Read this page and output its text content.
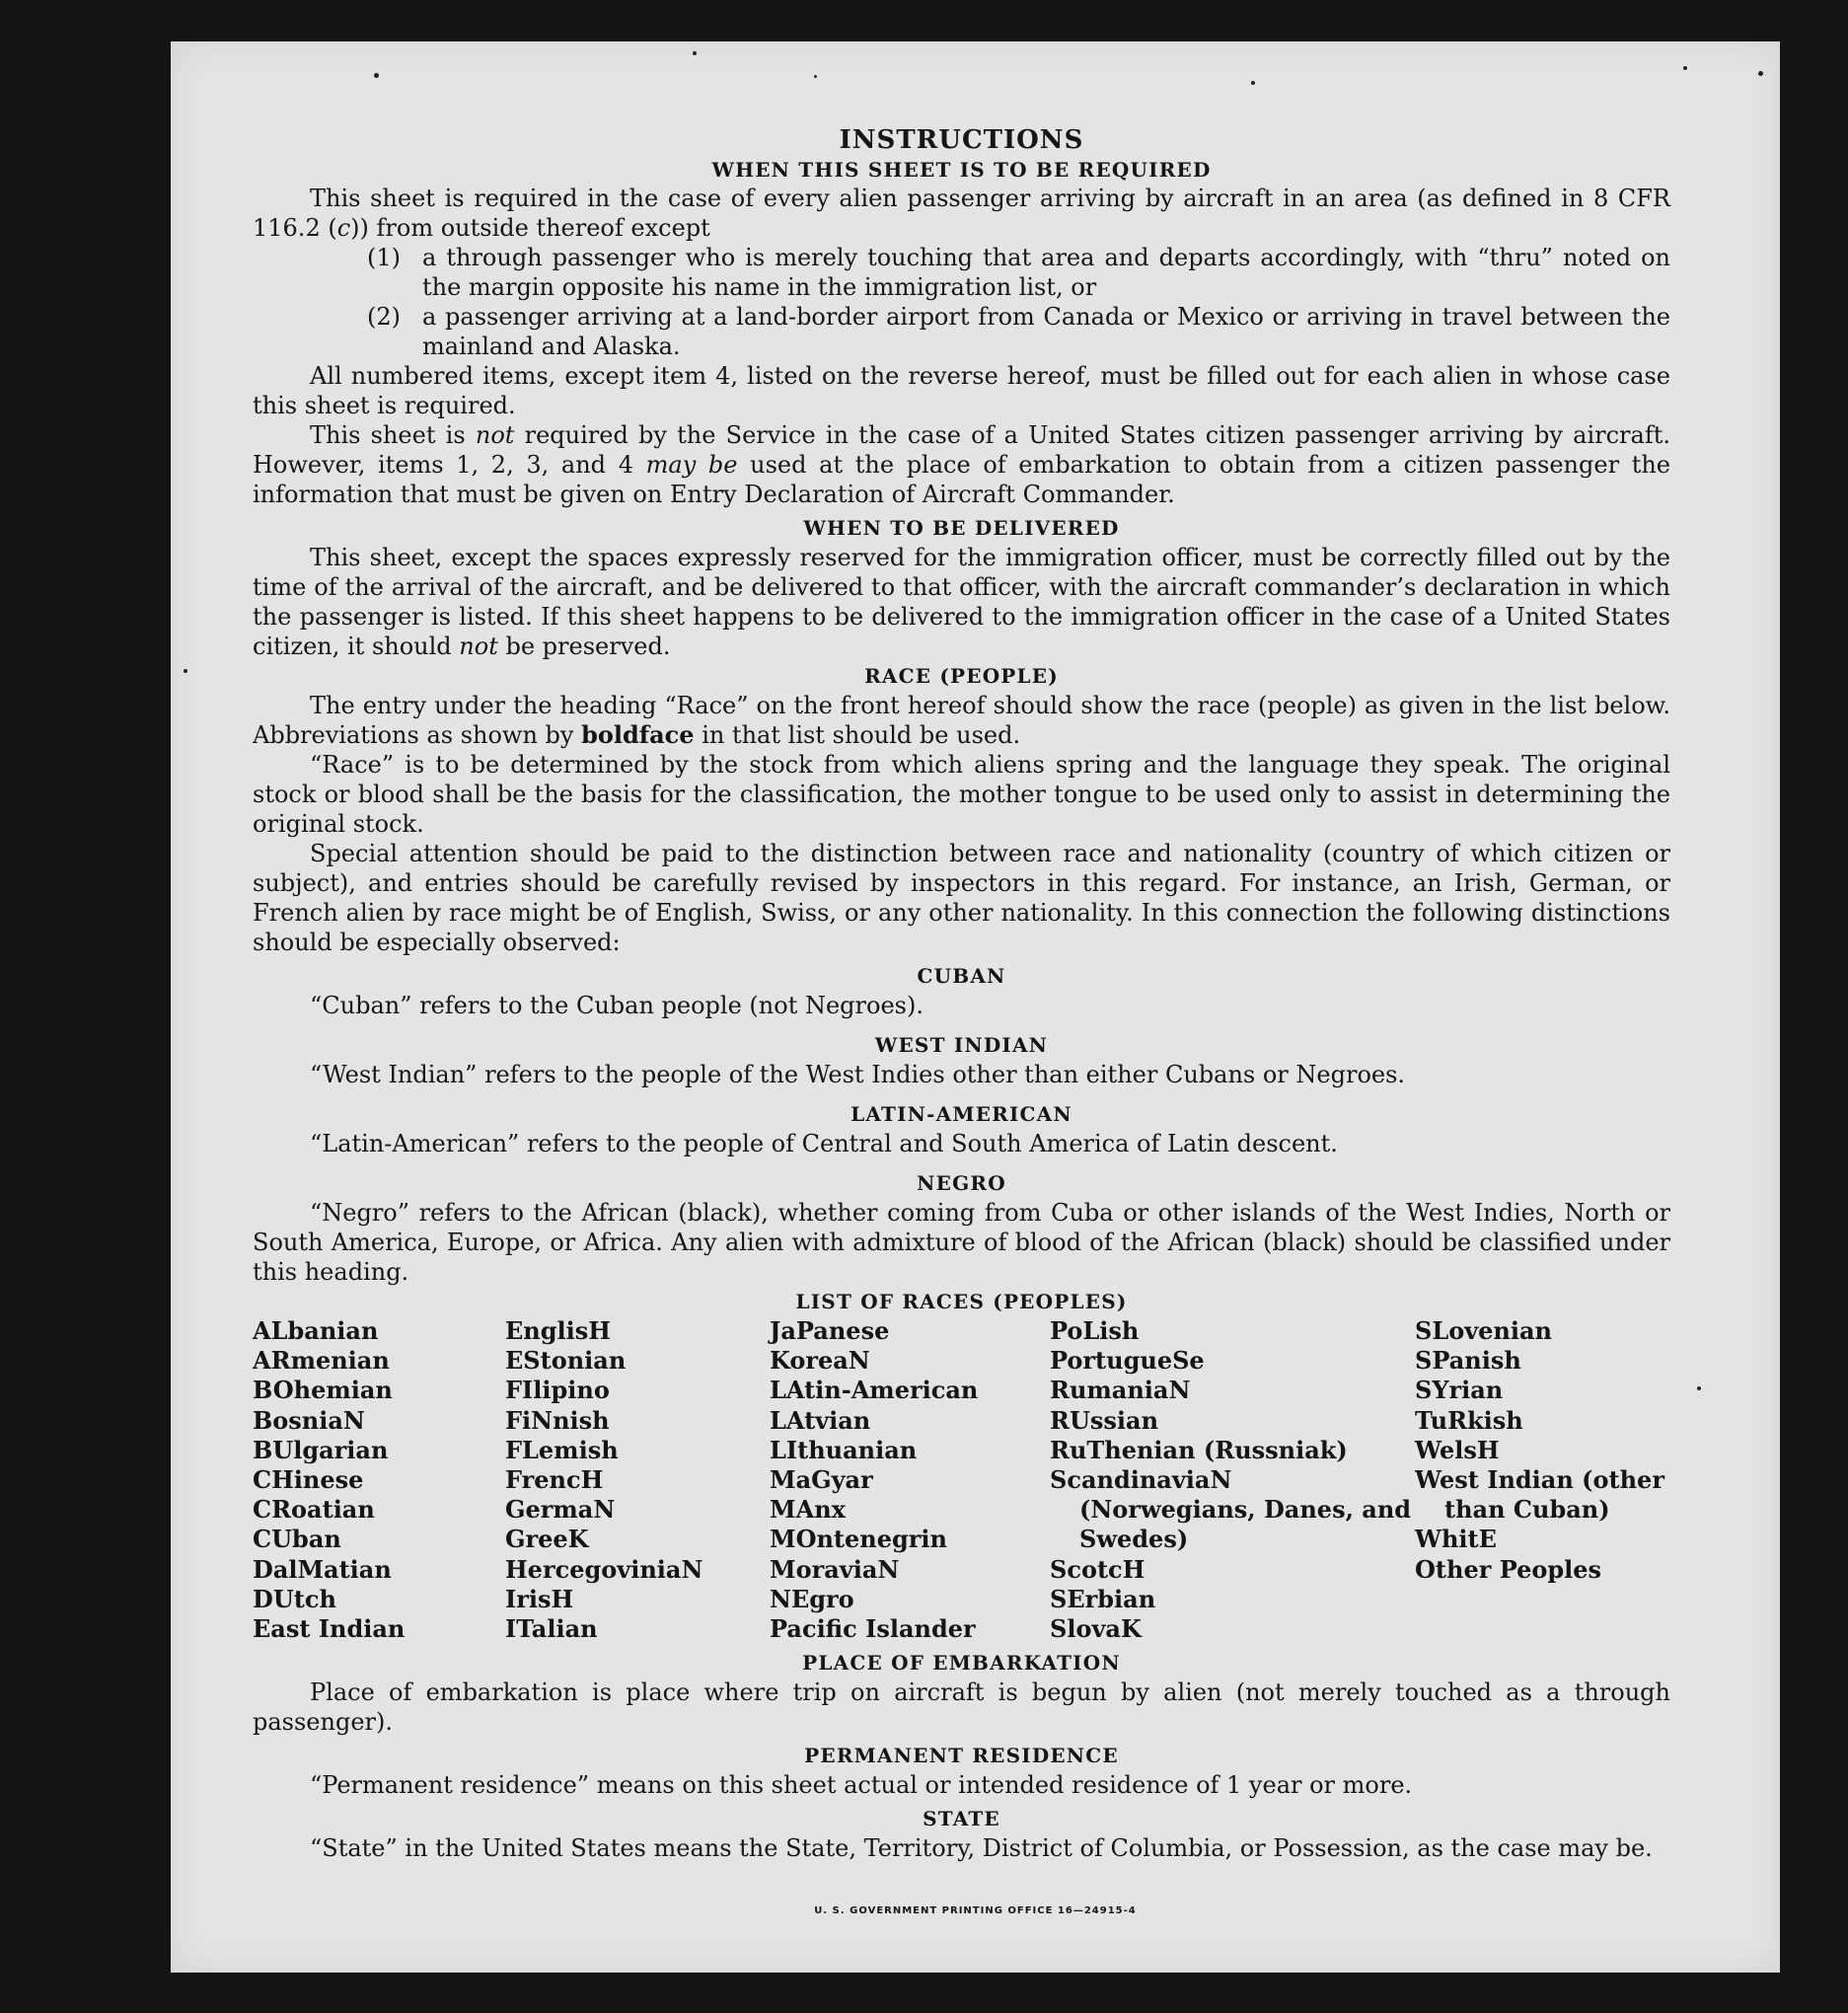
INSTRUCTIONS
WHEN THIS SHEET IS TO BE REQUIRED

This sheet is required in the case of every alien passenger arriving by aircraft in an area (as defined in 8 CFR 116.2 (c)) from outside thereof except

(1) a through passenger who is merely touching that area and departs accordingly, with “thru” noted on the margin opposite his name in the immigration list, or
(2) a passenger arriving at a land-border airport from Canada or Mexico or arriving in travel between the mainland and Alaska.

All numbered items, except item 4, listed on the reverse hereof, must be filled out for each alien in whose case this sheet is required.

This sheet is not required by the Service in the case of a United States citizen passenger arriving by aircraft. However, items 1, 2, 3, and 4 may be used at the place of embarkation to obtain from a citizen passenger the information that must be given on Entry Declaration of Aircraft Commander.

WHEN TO BE DELIVERED

This sheet, except the spaces expressly reserved for the immigration officer, must be correctly filled out by the time of the arrival of the aircraft, and be delivered to that officer, with the aircraft commander’s declaration in which the passenger is listed. If this sheet happens to be delivered to the immigration officer in the case of a United States citizen, it should not be preserved.

RACE (PEOPLE)

The entry under the heading “Race” on the front hereof should show the race (people) as given in the list below. Abbreviations as shown by boldface in that list should be used.

“Race” is to be determined by the stock from which aliens spring and the language they speak. The original stock or blood shall be the basis for the classification, the mother tongue to be used only to assist in determining the original stock.

Special attention should be paid to the distinction between race and nationality (country of which citizen or subject), and entries should be carefully revised by inspectors in this regard. For instance, an Irish, German, or French alien by race might be of English, Swiss, or any other nationality. In this connection the following distinctions should be especially observed:

CUBAN

“Cuban” refers to the Cuban people (not Negroes).

WEST INDIAN

“West Indian” refers to the people of the West Indies other than either Cubans or Negroes.

LATIN-AMERICAN

“Latin-American” refers to the people of Central and South America of Latin descent.

NEGRO

“Negro” refers to the African (black), whether coming from Cuba or other islands of the West Indies, North or South America, Europe, or Africa. Any alien with admixture of blood of the African (black) should be classified under this heading.

LIST OF RACES (PEOPLES)
ALbanian
ARmenian
BOhemian
BosniaN
BUlgarian
CHinese
CRoatian
CUban
DalMatian
DUtch
East Indian
EnglisH
EStonian
FIlipino
FiNnish
FLemish
FrencH
GermaN
GreeK
HercegoviniaN
IrisH
ITalian
JaPanese
KoreaN
LAtin-American
LAtvian
LIthuanian
MaGyar
MAnx
MOntenegrin
MoraviaN
NEgro
Pacific Islander
PoLish
PortugueSe
RumaniaN
RUssian
RuThenian (Russniak)
ScandinaviaN (Norwegians, Danes, and Swedes)
ScotcH
SErbian
SlovaK
SLovenian
SPanish
SYrian
TuRkish
WelsH
West Indian (other than Cuban)
WhitE
Other Peoples
PLACE OF EMBARKATION

Place of embarkation is place where trip on aircraft is begun by alien (not merely touched as a through passenger).

PERMANENT RESIDENCE

“Permanent residence” means on this sheet actual or intended residence of 1 year or more.

STATE

“State” in the United States means the State, Territory, District of Columbia, or Possession, as the case may be.

U. S. GOVERNMENT PRINTING OFFICE 16—24915‑4
